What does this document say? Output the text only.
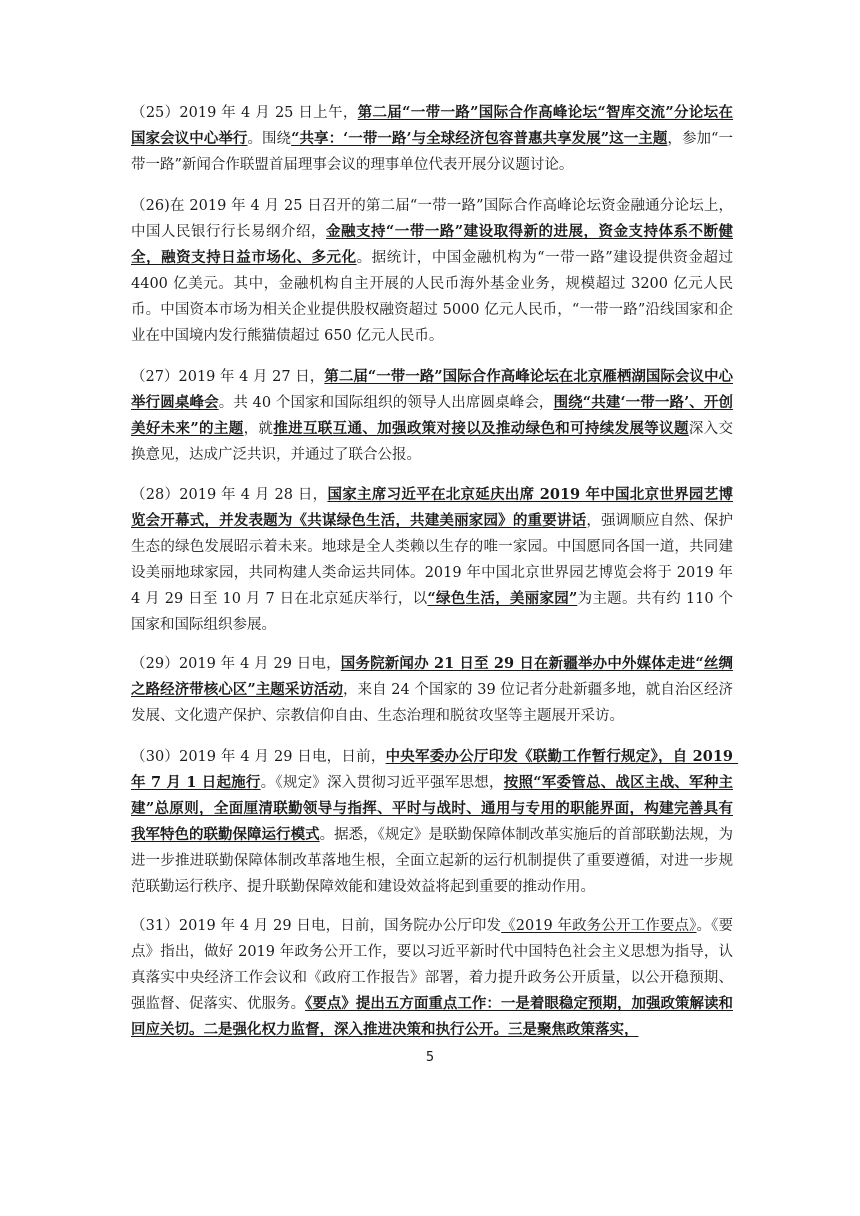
（25）2019 年 4 月 25 日上午，第二届“一带一路”国际合作高峰论坛“智库交流”分论坛在国家会议中心举行。围绕“共享：‘一带一路’与全球经济包容普惠共享发展”这一主题，参加“一带一路”新闻合作联盟首届理事会议的理事单位代表开展分议题讨论。

（26)在 2019 年 4 月 25 日召开的第二届“一带一路”国际合作高峰论坛资金融通分论坛上，中国人民银行行长易纲介绍，金融支持“一带一路”建设取得新的进展，资金支持体系不断健全，融资支持日益市场化、多元化。据统计，中国金融机构为“一带一路”建设提供资金超过 4400 亿美元。其中，金融机构自主开展的人民币海外基金业务，规模超过 3200 亿元人民币。中国资本市场为相关企业提供股权融资超过 5000 亿元人民币，“一带一路”沿线国家和企业在中国境内发行熊猫债超过 650 亿元人民币。

（27）2019 年 4 月 27 日，第二届“一带一路”国际合作高峰论坛在北京雁栖湖国际会议中心举行圆桌峰会。共 40 个国家和国际组织的领导人出席圆桌峰会，围绕“共建‘一带一路’、开创美好未来”的主题，就推进互联互通、加强政策对接以及推动绿色和可持续发展等议题深入交换意见，达成广泛共识，并通过了联合公报。

（28）2019 年 4 月 28 日，国家主席习近平在北京延庆出席 2019 年中国北京世界园艺博览会开幕式，并发表题为《共谋绿色生活，共建美丽家园》的重要讲话，强调顺应自然、保护生态的绿色发展昭示着未来。地球是全人类赖以生存的唯一家园。中国愿同各国一道，共同建设美丽地球家园，共同构建人类命运共同体。2019 年中国北京世界园艺博览会将于 2019 年 4 月 29 日至 10 月 7 日在北京延庆举行，以“绿色生活，美丽家园”为主题。共有约 110 个国家和国际组织参展。

（29）2019 年 4 月 29 日电，国务院新闻办 21 日至 29 日在新疆举办中外媒体走进“丝绸之路经济带核心区”主题采访活动，来自 24 个国家的 39 位记者分赴新疆多地，就自治区经济发展、文化遗产保护、宗教信仰自由、生态治理和脱贫攻坚等主题展开采访。

（30）2019 年 4 月 29 日电，日前，中央军委办公厅印发《联勤工作暂行规定》，自 2019 年 7 月 1 日起施行。《规定》深入贯彻习近平强军思想，按照“军委管总、战区主战、军种主建”总原则，全面厘清联勤领导与指挥、平时与战时、通用与专用的职能界面，构建完善具有我军特色的联勤保障运行模式。据悉，《规定》是联勤保障体制改革实施后的首部联勤法规，为进一步推进联勤保障体制改革落地生根，全面立起新的运行机制提供了重要遵循，对进一步规范联勤运行秩序、提升联勤保障效能和建设效益将起到重要的推动作用。

（31）2019 年 4 月 29 日电，日前，国务院办公厅印发《2019 年政务公开工作要点》。《要点》指出，做好 2019 年政务公开工作，要以习近平新时代中国特色社会主义思想为指导，认真落实中央经济工作会议和《政府工作报告》部署，着力提升政务公开质量，以公开稳预期、强监督、促落实、优服务。《要点》提出五方面重点工作：一是着眼稳定预期，加强政策解读和回应关切。二是强化权力监督，深入推进决策和执行公开。三是聚焦政策落实，

5
